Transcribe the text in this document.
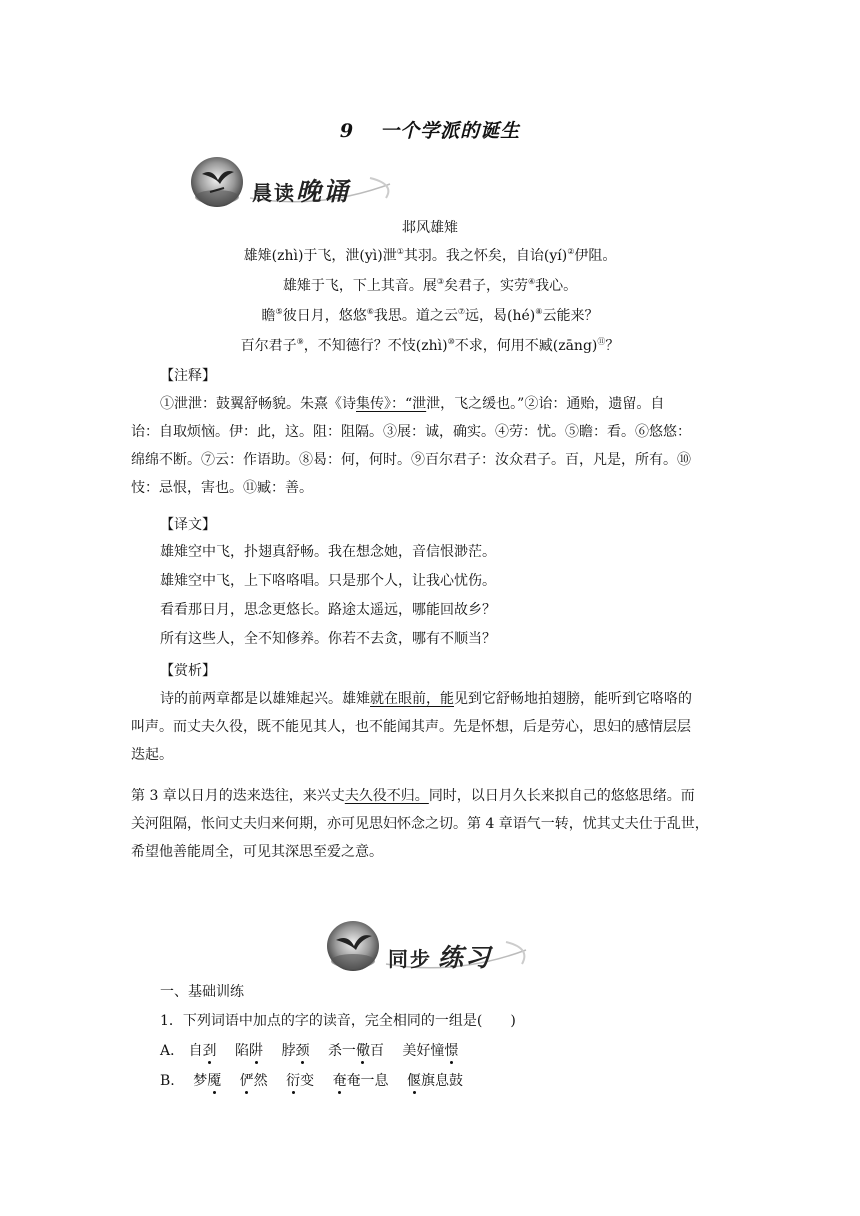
9 一个学派的诞生
晨读晚诵
邶风雄雉
雄雉(zhì)于飞，泄(yì)泄①其羽。我之怀矣，自诒(yí)②伊阻。
雄雉于飞，下上其音。展③矣君子，实劳④我心。
瞻⑤彼日月，悠悠⑥我思。道之云⑦远，曷(hé)⑧云能来？
百尔君子⑨，不知德行？不忮(zhì)⑩不求，何用不臧(zāng)⑪？
【注释】
①泄泄：鼓翼舒畅貌。朱熹《诗集传》：“泄泄，飞之缓也。”②诒：通贻，遗留。自
诒：自取烦恼。伊：此，这。阻：阻隔。③展：诚，确实。④劳：忧。⑤瞻：看。⑥悠悠：
绵绵不断。⑦云：作语助。⑧曷：何，何时。⑨百尔君子：汝众君子。百，凡是，所有。⑩
忮：忌恨，害也。⑪臧：善。
【译文】
雄雉空中飞，扑翅真舒畅。我在想念她，音信恨渺茫。
雄雉空中飞，上下咯咯唱。只是那个人，让我心忧伤。
看看那日月，思念更悠长。路途太遥远，哪能回故乡？
所有这些人，全不知修养。你若不去贪，哪有不顺当？
【赏析】
诗的前两章都是以雄雉起兴。雄雉就在眼前，能见到它舒畅地拍翅膀，能听到它咯咯的
叫声。而丈夫久役，既不能见其人，也不能闻其声。先是怀想，后是劳心，思妇的感情层层
迭起。
第 3 章以日月的迭来迭往，来兴丈夫久役不归。同时，以日月久长来拟自己的悠悠思绪。而
关河阻隔，怅问丈夫归来何期，亦可见思妇怀念之切。第 4 章语气一转，忧其丈夫仕于乱世，
希望他善能周全，可见其深思至爱之意。
同步 练习
一、基础训练
1．下列词语中加点的字的读音，完全相同的一组是(　　)
A． 自刭 陷阱 脖颈 杀一儆百 美好憧憬
B. 梦魇 俨然 衍变 奄奄一息 偃旗息鼓
